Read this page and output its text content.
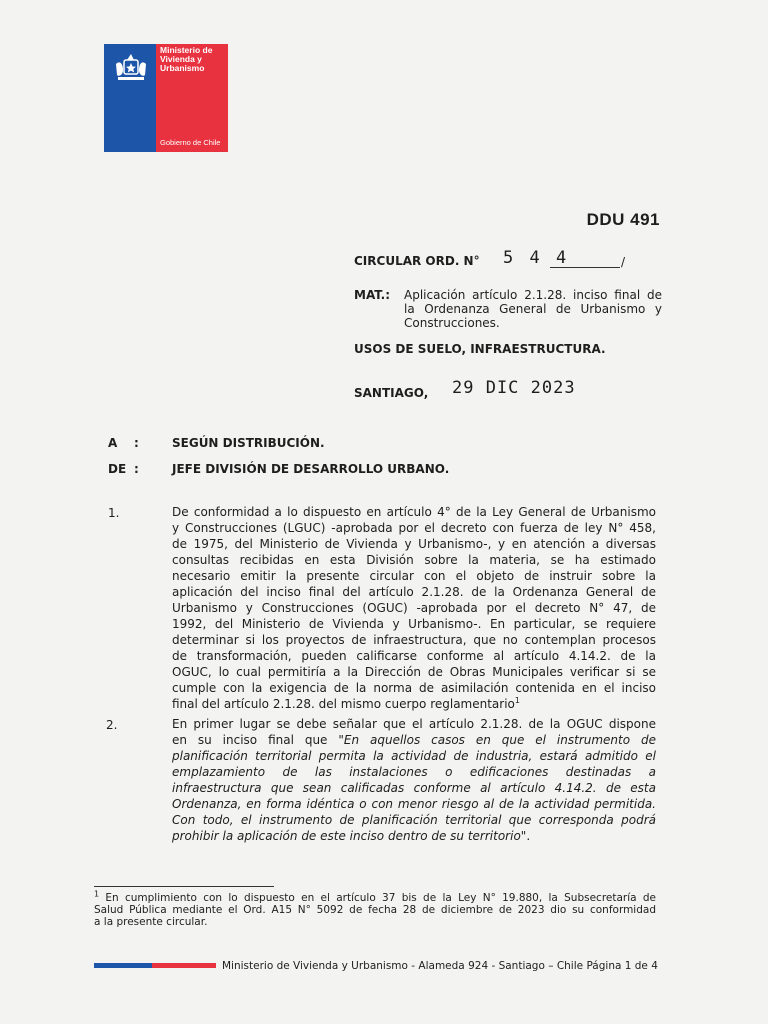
Ministerio de
Vivienda y
Urbanismo
Gobierno de Chile
DDU 491
CIRCULAR ORD. N° 5 4 4	/
MAT.: Aplicación artículo 2.1.28. inciso final de
la Ordenanza General de Urbanismo y
Construcciones.
USOS DE SUELO, INFRAESTRUCTURA.
SANTIAGO, 29 DIC 2023
A :	SEGÚN DISTRIBUCIÓN.
DE :	JEFE DIVISIÓN DE DESARROLLO URBANO.
1.	De conformidad a lo dispuesto en artículo 4° de la Ley General de Urbanismo
y Construcciones (LGUC) -aprobada por el decreto con fuerza de ley N° 458,
de 1975, del Ministerio de Vivienda y Urbanismo-, y en atención a diversas
consultas recibidas en esta División sobre la materia, se ha estimado
necesario emitir la presente circular con el objeto de instruir sobre la
aplicación del inciso final del artículo 2.1.28. de la Ordenanza General de
Urbanismo y Construcciones (OGUC) -aprobada por el decreto N° 47, de
1992, del Ministerio de Vivienda y Urbanismo-. En particular, se requiere
determinar si los proyectos de infraestructura, que no contemplan procesos
de transformación, pueden calificarse conforme al artículo 4.14.2. de la
OGUC, lo cual permitiría a la Dirección de Obras Municipales verificar si se
cumple con la exigencia de la norma de asimilación contenida en el inciso
final del artículo 2.1.28. del mismo cuerpo reglamentario$^1$
2.	En primer lugar se debe señalar que el artículo 2.1.28. de la OGUC dispone
en su inciso final que "En aquellos casos en que el instrumento de
planificación territorial permita la actividad de industria, estará admitido el
emplazamiento de las instalaciones o edificaciones destinadas a
infraestructura que sean calificadas conforme al artículo 4.14.2. de esta
Ordenanza, en forma idéntica o con menor riesgo al de la actividad permitida.
Con todo, el instrumento de planificación territorial que corresponda podrá
prohibir la aplicación de este inciso dentro de su territorio".
$^1$ En cumplimiento con lo dispuesto en el artículo 37 bis de la Ley N° 19.880, la Subsecretaría de
Salud Pública mediante el Ord. A15 N° 5092 de fecha 28 de diciembre de 2023 dio su conformidad
a la presente circular.
Ministerio de Vivienda y Urbanismo - Alameda 924 - Santiago – Chile Página 1 de 4
